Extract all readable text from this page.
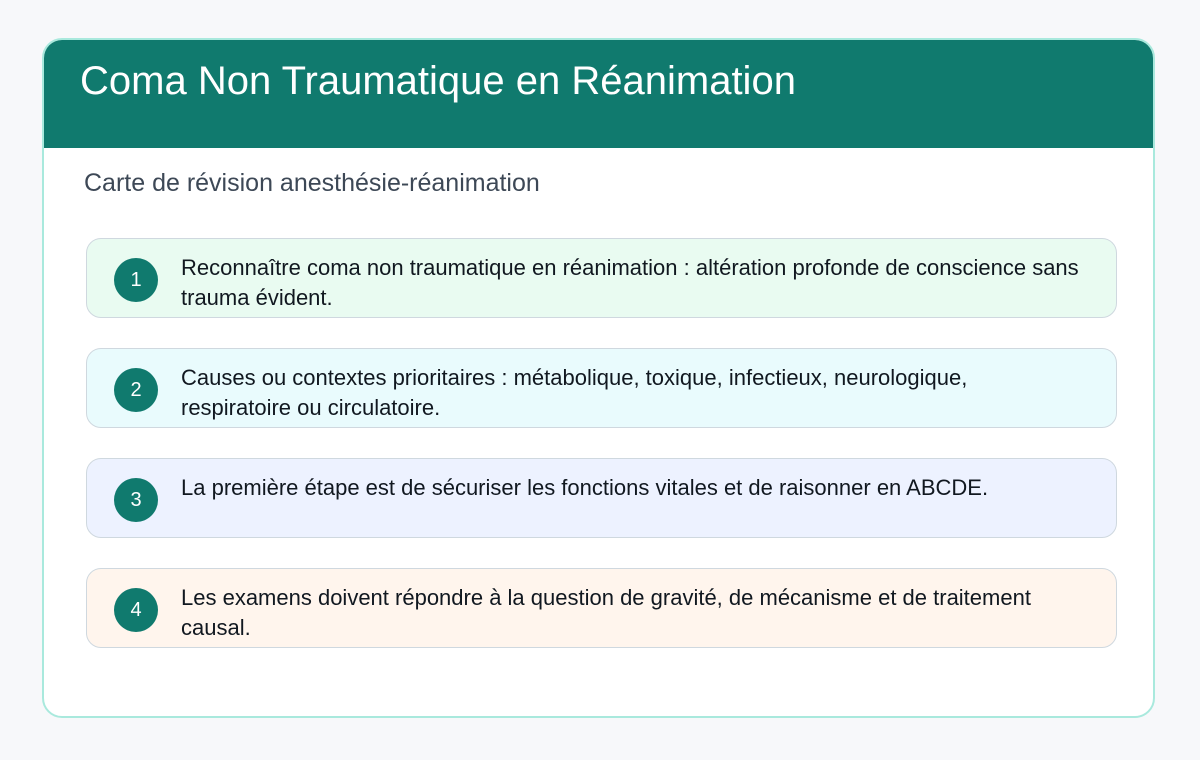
Coma Non Traumatique en Réanimation

Carte de révision anesthésie-réanimation

1	Reconnaître coma non traumatique en réanimation : altération profonde de conscience sans trauma évident.

2	Causes ou contextes prioritaires : métabolique, toxique, infectieux, neurologique, respiratoire ou circulatoire.

3	La première étape est de sécuriser les fonctions vitales et de raisonner en ABCDE.

4	Les examens doivent répondre à la question de gravité, de mécanisme et de traitement causal.
